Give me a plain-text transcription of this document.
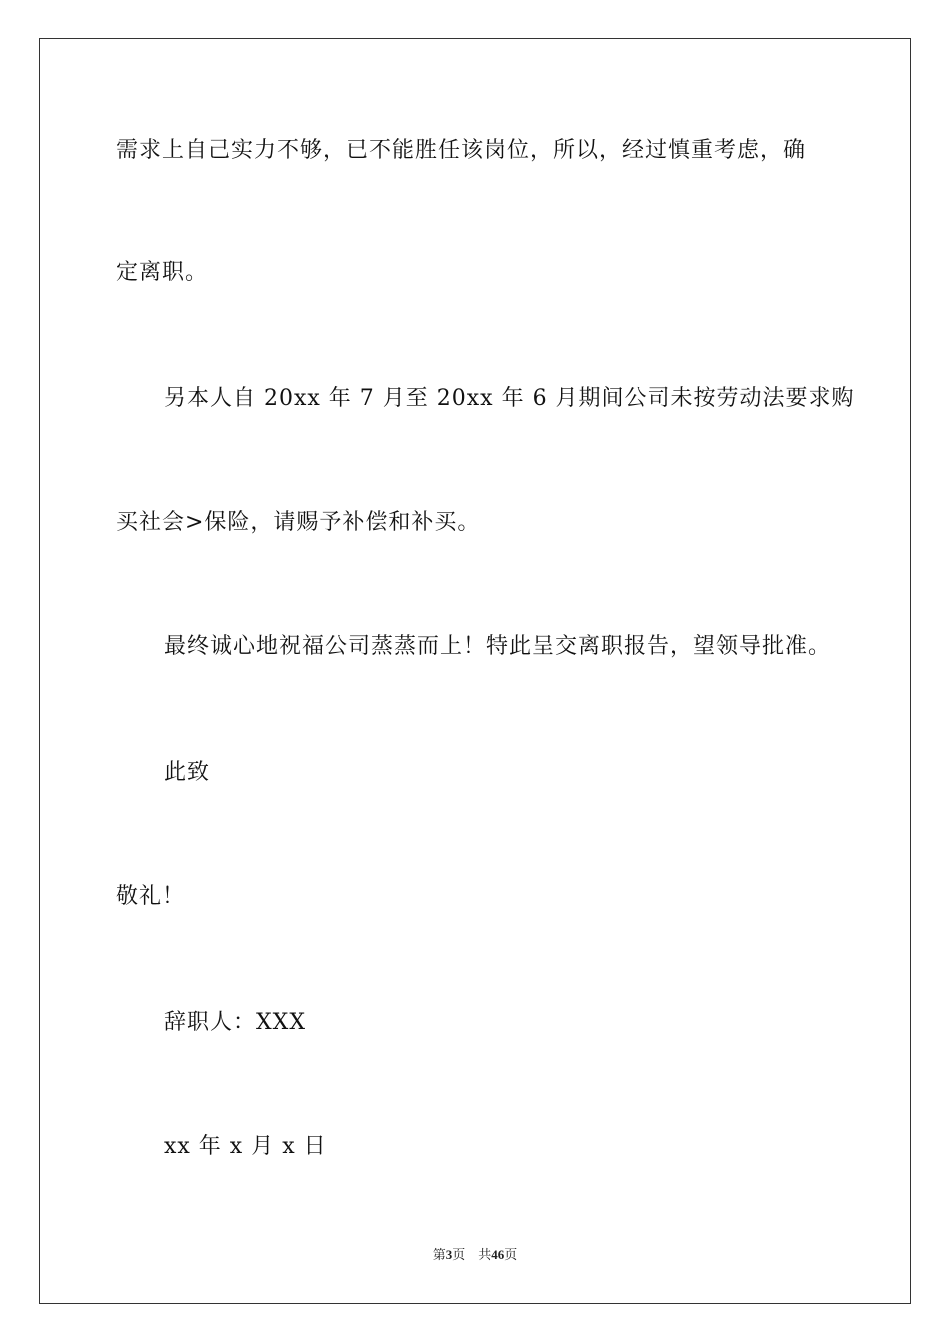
需求上自己实力不够，已不能胜任该岗位，所以，经过慎重考虑，确
定离职。
另本人自 20xx 年 7 月至 20xx 年 6 月期间公司未按劳动法要求购
买社会>保险，请赐予补偿和补买。
最终诚心地祝福公司蒸蒸而上！特此呈交离职报告，望领导批准。
此致
敬礼！
辞职人：XXX
xx 年 x 月 x 日
第3页 共46页
